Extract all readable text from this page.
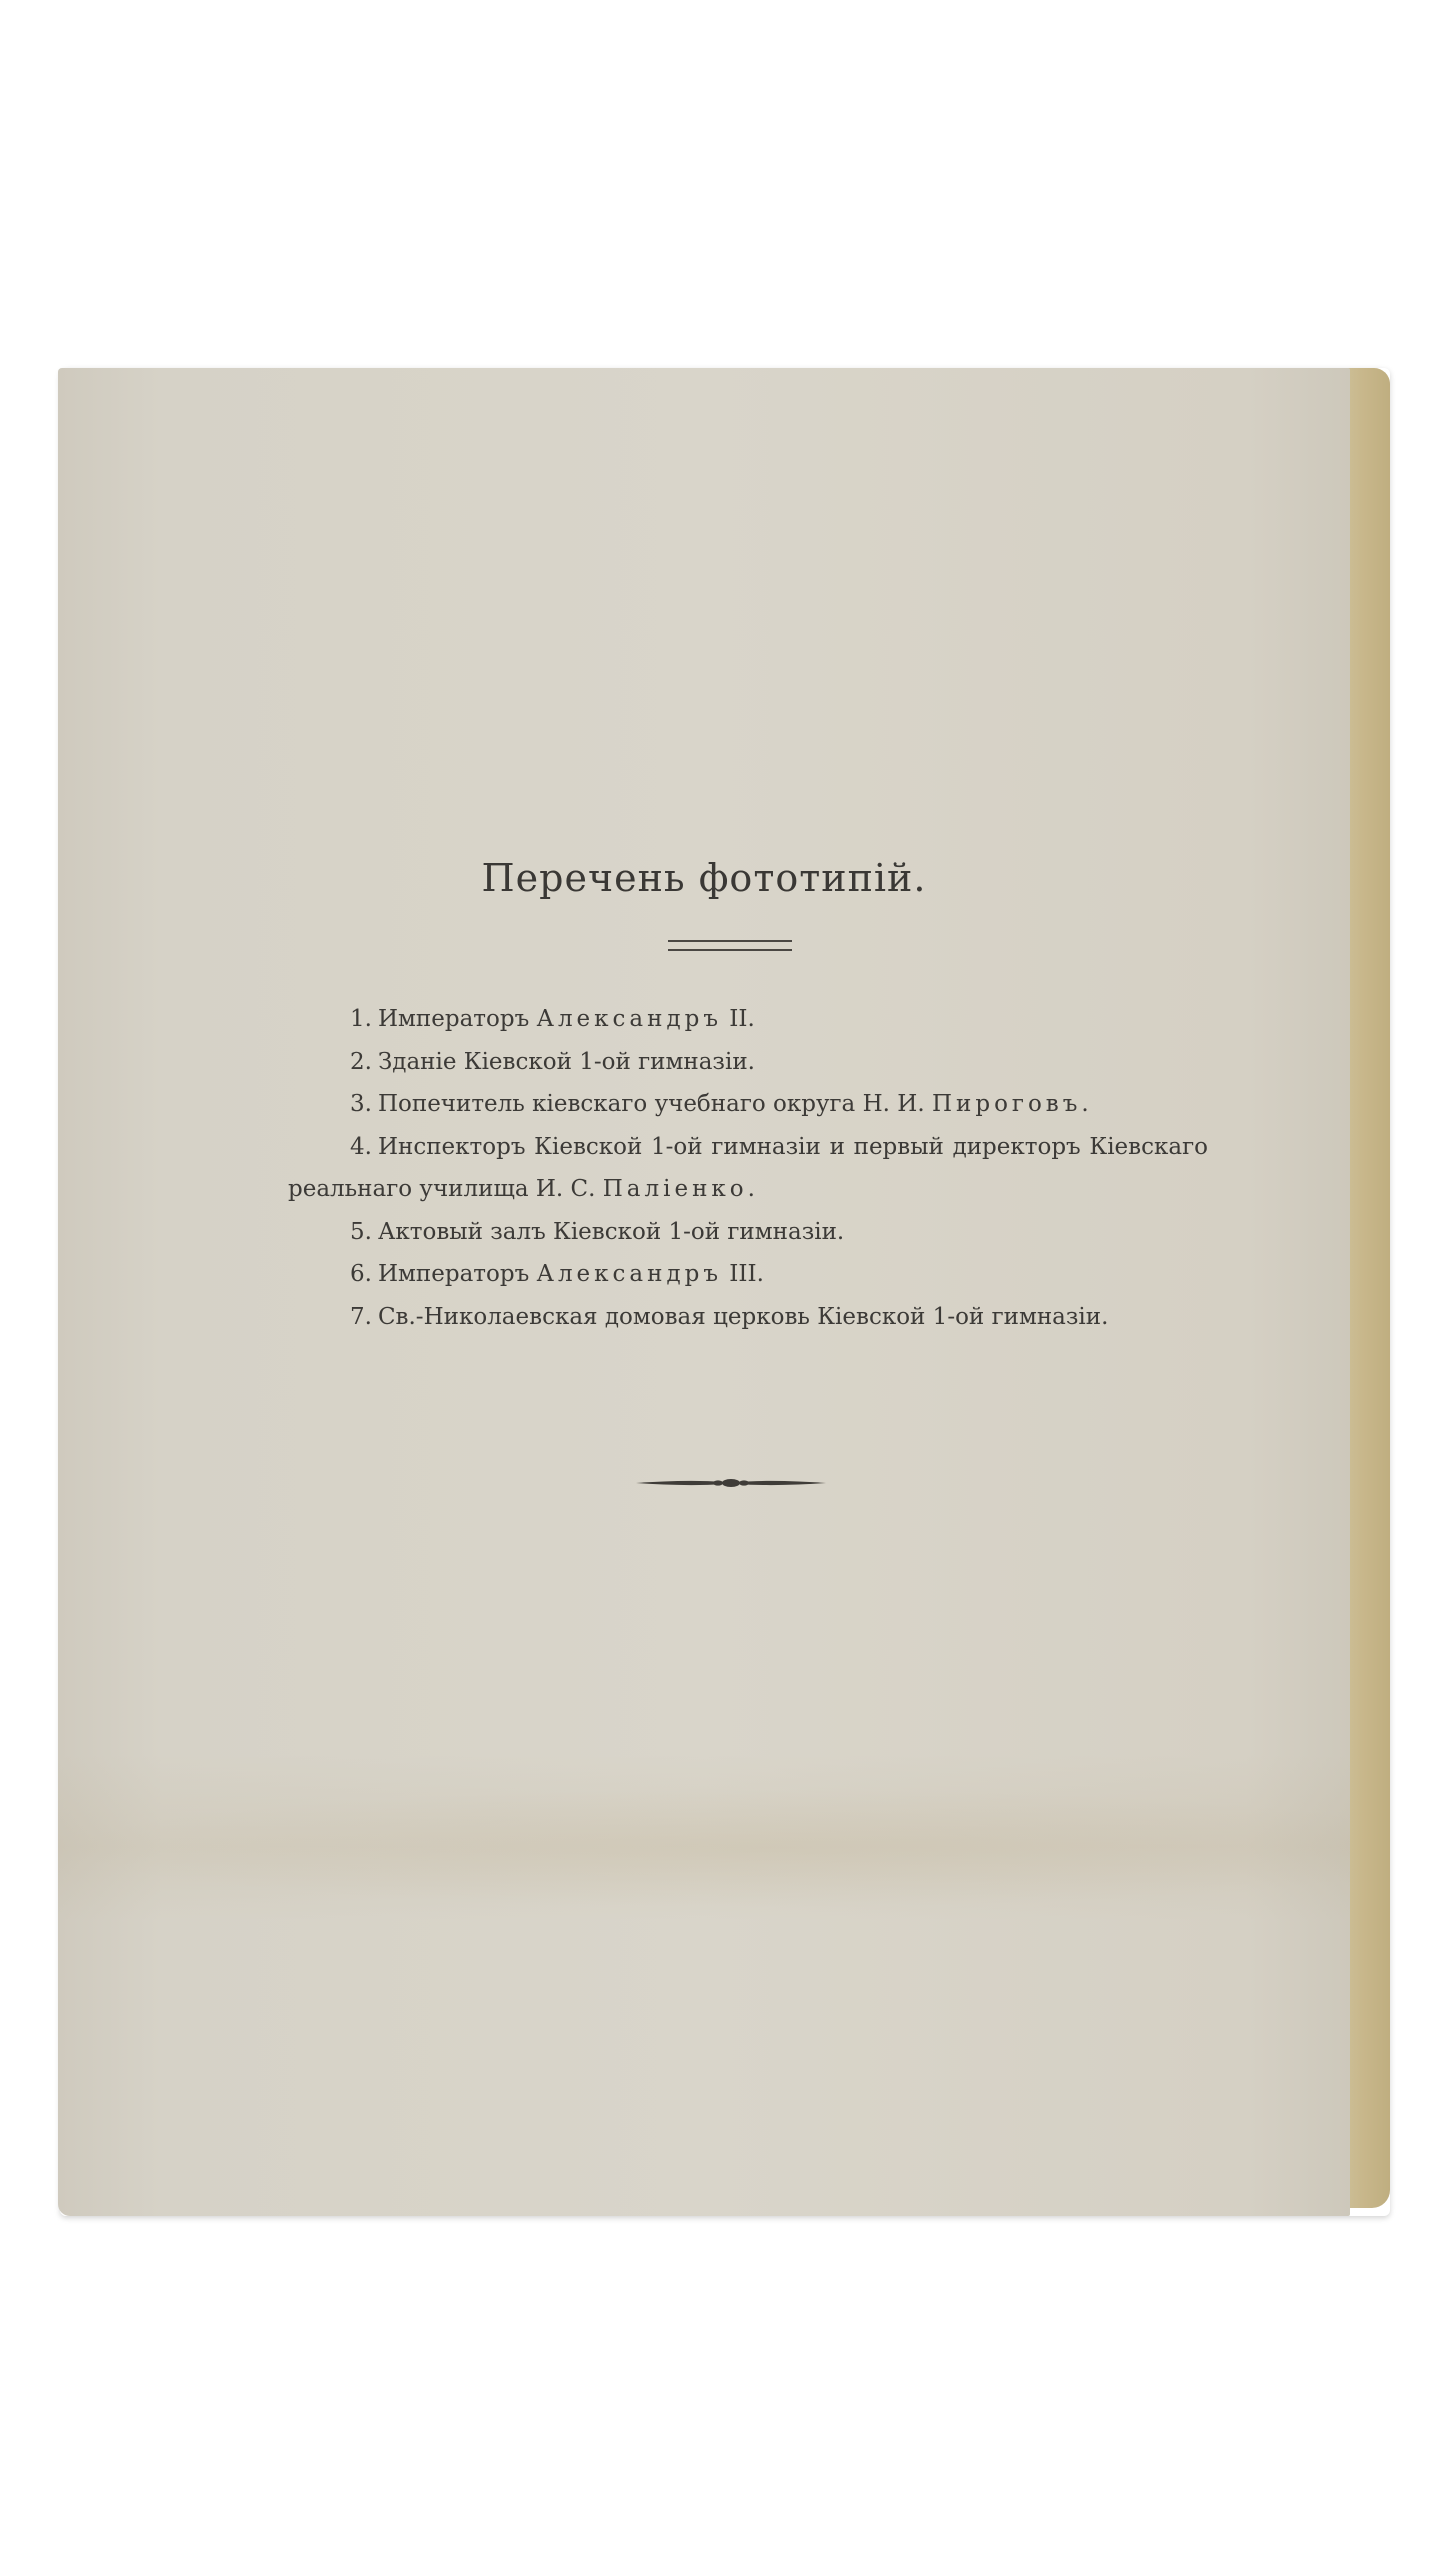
Перечень фототипій.

1. Императоръ Александръ II.

2. Зданіе Кіевской 1-ой гимназіи.

3. Попечитель кіевскаго учебнаго округа Н. И. Пироговъ.

4. Инспекторъ Кіевской 1-ой гимназіи и первый директоръ Кіевскаго реальнаго училища И. С. Паліенко.

5. Актовый залъ Кіевской 1-ой гимназіи.

6. Императоръ Александръ III.

7. Св.-Николаевская домовая церковь Кіевской 1-ой гимназіи.
